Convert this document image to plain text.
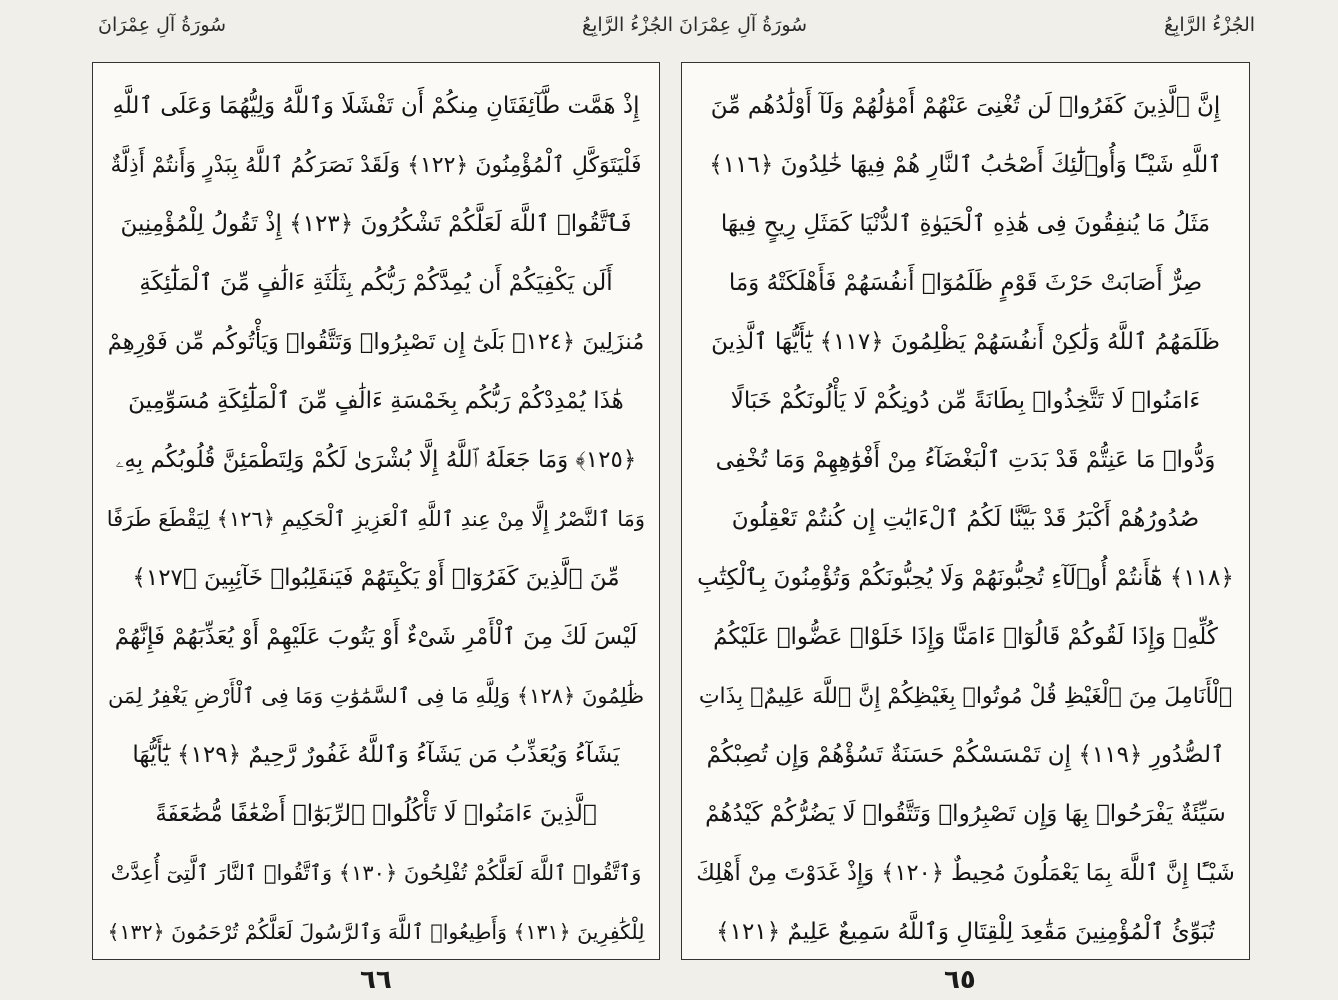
الجُزْءُ الرَّابِعُ
سُورَةُ آلِ عِمْرَانَ
إِذْ هَمَّت طَّآئِفَتَانِ مِنكُمْ أَن تَفْشَلَا وَٱللَّهُ وَلِيُّهُمَا وَعَلَى ٱللَّهِ
فَلْيَتَوَكَّلِ ٱلْمُؤْمِنُونَ ﴿١٢٢﴾ وَلَقَدْ نَصَرَكُمُ ٱللَّهُ بِبَدْرٍ وَأَنتُمْ أَذِلَّةٌ
فَٱتَّقُوا۟ ٱللَّهَ لَعَلَّكُمْ تَشْكُرُونَ ﴿١٢٣﴾ إِذْ تَقُولُ لِلْمُؤْمِنِينَ
أَلَن يَكْفِيَكُمْ أَن يُمِدَّكُمْ رَبُّكُم بِثَلَٰثَةِ ءَالَٰفٍ مِّنَ ٱلْمَلَٰٓئِكَةِ
مُنزَلِينَ ﴿١٢٤﴾ بَلَىٰٓ إِن تَصْبِرُوا۟ وَتَتَّقُوا۟ وَيَأْتُوكُم مِّن فَوْرِهِمْ
هَٰذَا يُمْدِدْكُمْ رَبُّكُم بِخَمْسَةِ ءَالَٰفٍ مِّنَ ٱلْمَلَٰٓئِكَةِ مُسَوِّمِينَ
﴿١٢٥﴾ وَمَا جَعَلَهُ ٱللَّهُ إِلَّا بُشْرَىٰ لَكُمْ وَلِتَطْمَئِنَّ قُلُوبُكُم بِهِۦ
وَمَا ٱلنَّصْرُ إِلَّا مِنْ عِندِ ٱللَّهِ ٱلْعَزِيزِ ٱلْحَكِيمِ ﴿١٢٦﴾ لِيَقْطَعَ طَرَفًا
مِّنَ ٱلَّذِينَ كَفَرُوٓا۟ أَوْ يَكْبِتَهُمْ فَيَنقَلِبُوا۟ خَآئِبِينَ ﴿١٢٧﴾
لَيْسَ لَكَ مِنَ ٱلْأَمْرِ شَىْءٌ أَوْ يَتُوبَ عَلَيْهِمْ أَوْ يُعَذِّبَهُمْ فَإِنَّهُمْ
ظَٰلِمُونَ ﴿١٢٨﴾ وَلِلَّهِ مَا فِى ٱلسَّمَٰوَٰتِ وَمَا فِى ٱلْأَرْضِ يَغْفِرُ لِمَن
يَشَآءُ وَيُعَذِّبُ مَن يَشَآءُ وَٱللَّهُ غَفُورٌ رَّحِيمٌ ﴿١٢٩﴾ يَٰٓأَيُّهَا
ٱلَّذِينَ ءَامَنُوا۟ لَا تَأْكُلُوا۟ ٱلرِّبَوٰٓا۟ أَضْعَٰفًا مُّضَٰعَفَةً
وَٱتَّقُوا۟ ٱللَّهَ لَعَلَّكُمْ تُفْلِحُونَ ﴿١٣٠﴾ وَٱتَّقُوا۟ ٱلنَّارَ ٱلَّتِىٓ أُعِدَّتْ
لِلْكَٰفِرِينَ ﴿١٣١﴾ وَأَطِيعُوا۟ ٱللَّهَ وَٱلرَّسُولَ لَعَلَّكُمْ تُرْحَمُونَ ﴿١٣٢﴾
٦٦
الجُزْءُ الرَّابِعُ
سُورَةُ آلِ عِمْرَانَ
إِنَّ ٱلَّذِينَ كَفَرُوا۟ لَن تُغْنِىَ عَنْهُمْ أَمْوَٰلُهُمْ وَلَآ أَوْلَٰدُهُم مِّنَ
ٱللَّهِ شَيْـًٔا وَأُو۟لَٰٓئِكَ أَصْحَٰبُ ٱلنَّارِ هُمْ فِيهَا خَٰلِدُونَ ﴿١١٦﴾
مَثَلُ مَا يُنفِقُونَ فِى هَٰذِهِ ٱلْحَيَوٰةِ ٱلدُّنْيَا كَمَثَلِ رِيحٍ فِيهَا
صِرٌّ أَصَابَتْ حَرْثَ قَوْمٍ ظَلَمُوٓا۟ أَنفُسَهُمْ فَأَهْلَكَتْهُ وَمَا
ظَلَمَهُمُ ٱللَّهُ وَلَٰكِنْ أَنفُسَهُمْ يَظْلِمُونَ ﴿١١٧﴾ يَٰٓأَيُّهَا ٱلَّذِينَ
ءَامَنُوا۟ لَا تَتَّخِذُوا۟ بِطَانَةً مِّن دُونِكُمْ لَا يَأْلُونَكُمْ خَبَالًا
وَدُّوا۟ مَا عَنِتُّمْ قَدْ بَدَتِ ٱلْبَغْضَآءُ مِنْ أَفْوَٰهِهِمْ وَمَا تُخْفِى
صُدُورُهُمْ أَكْبَرُ قَدْ بَيَّنَّا لَكُمُ ٱلْءَايَٰتِ إِن كُنتُمْ تَعْقِلُونَ
﴿١١٨﴾ هَٰٓأَنتُمْ أُو۟لَآءِ تُحِبُّونَهُمْ وَلَا يُحِبُّونَكُمْ وَتُؤْمِنُونَ بِٱلْكِتَٰبِ
كُلِّهِۦ وَإِذَا لَقُوكُمْ قَالُوٓا۟ ءَامَنَّا وَإِذَا خَلَوْا۟ عَضُّوا۟ عَلَيْكُمُ
ٱلْأَنَامِلَ مِنَ ٱلْغَيْظِ قُلْ مُوتُوا۟ بِغَيْظِكُمْ إِنَّ ٱللَّهَ عَلِيمٌۢ بِذَاتِ
ٱلصُّدُورِ ﴿١١٩﴾ إِن تَمْسَسْكُمْ حَسَنَةٌ تَسُؤْهُمْ وَإِن تُصِبْكُمْ
سَيِّئَةٌ يَفْرَحُوا۟ بِهَا وَإِن تَصْبِرُوا۟ وَتَتَّقُوا۟ لَا يَضُرُّكُمْ كَيْدُهُمْ
شَيْـًٔا إِنَّ ٱللَّهَ بِمَا يَعْمَلُونَ مُحِيطٌ ﴿١٢٠﴾ وَإِذْ غَدَوْتَ مِنْ أَهْلِكَ
تُبَوِّئُ ٱلْمُؤْمِنِينَ مَقَٰعِدَ لِلْقِتَالِ وَٱللَّهُ سَمِيعٌ عَلِيمٌ ﴿١٢١﴾
٦٥
